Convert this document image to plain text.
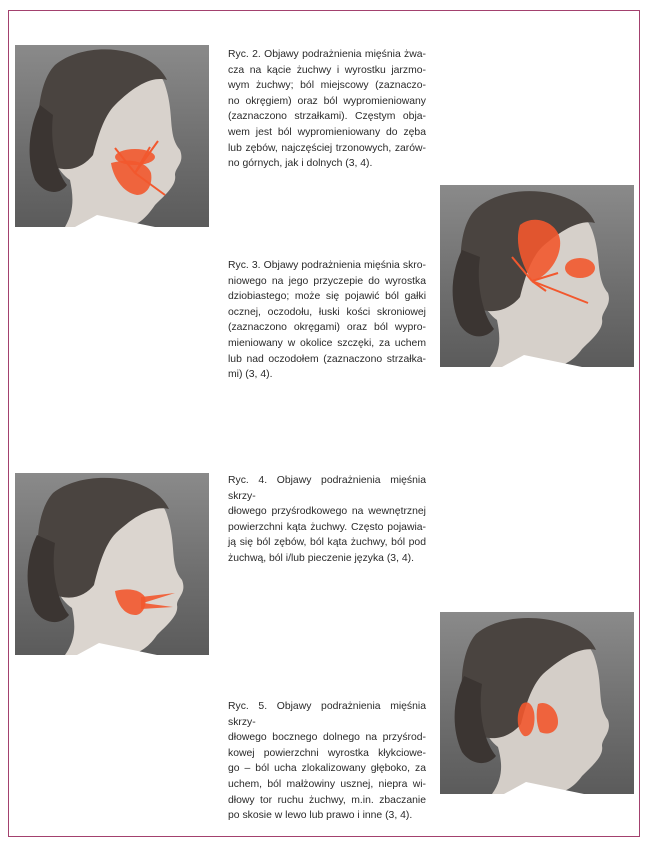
Ryc. 2. Objawy podrażnienia mięśnia żwa-
cza na kącie żuchwy i wyrostku jarzmo-
wym żuchwy; ból miejscowy (zaznaczo-
no okręgiem) oraz ból wypromieniowany
(zaznaczono strzałkami). Częstym obja-
wem jest ból wypromieniowany do zęba
lub zębów, najczęściej trzonowych, zarów-
no górnych, jak i dolnych (3, 4).
Ryc. 3. Objawy podrażnienia mięśnia skro-
niowego na jego przyczepie do wyrostka
dziobiastego; może się pojawić ból gałki
ocznej, oczodołu, łuski kości skroniowej
(zaznaczono okręgami) oraz ból wypro-
mieniowany w okolice szczęki, za uchem
lub nad oczodołem (zaznaczono strzałka-
mi) (3, 4).
Ryc. 4. Objawy podrażnienia mięśnia skrzy-
dłowego przyśrodkowego na wewnętrznej
powierzchni kąta żuchwy. Często pojawia-
ją się ból zębów, ból kąta żuchwy, ból pod
żuchwą, ból i/lub pieczenie języka (3, 4).
Ryc. 5. Objawy podrażnienia mięśnia skrzy-
dłowego bocznego dolnego na przyśrod-
kowej powierzchni wyrostka kłykciowe-
go – ból ucha zlokalizowany głęboko, za
uchem, ból małżowiny usznej, niepra wi-
dłowy tor ruchu żuchwy, m.in. zbaczanie
po skosie w lewo lub prawo i inne (3, 4).
